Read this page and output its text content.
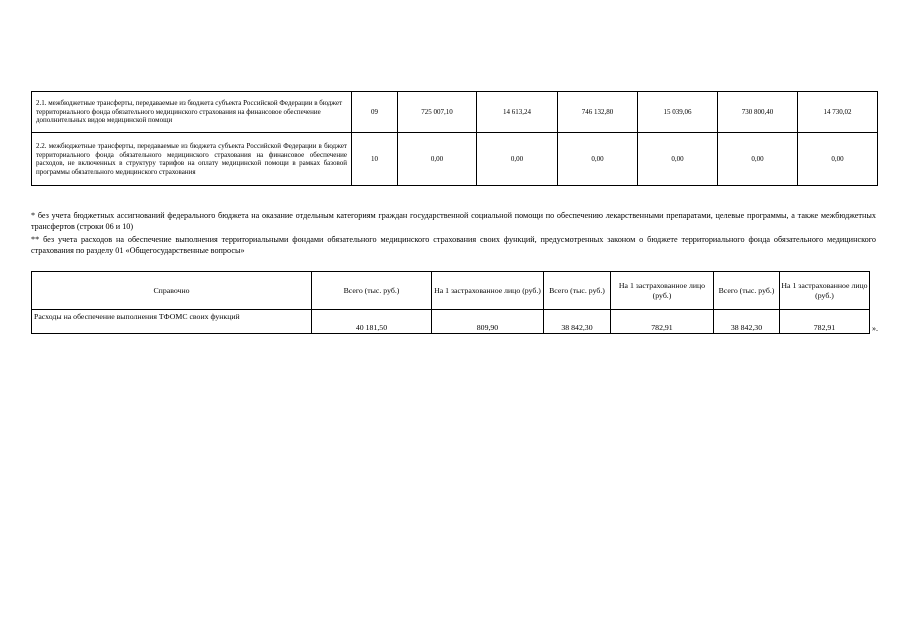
2.1. межбюджетные трансферты, передаваемые из бюджета субъекта Российской Федерации в бюджет территориального фонда обязательного медицинского страхования на финансовое обеспечение дополнительных видов медицинской помощи	09	725 007,10	14 613,24	746 132,80	15 039,06	730 800,40	14 730,02
2.2. межбюджетные трансферты, передаваемые из бюджета субъекта Российской Федерации в бюджет территориального фонда обязательного медицинского страхования на финансовое обеспечение расходов, не включенных в структуру тарифов на оплату медицинской помощи в рамках базовой программы обязательного медицинского страхования	10	0,00	0,00	0,00	0,00	0,00	0,00
* без учета бюджетных ассигнований федерального бюджета на оказание отдельным категориям граждан государственной социальной помощи по обеспечению лекарственными препаратами, целевые программы, а также межбюджетных трансфертов (строки 06 и 10)
** без учета расходов на обеспечение выполнения территориальными фондами обязательного медицинского страхования своих функций, предусмотренных законом о бюджете территориального фонда обязательного медицинского страхования по разделу 01 «Общегосударственные вопросы»
Справочно	Всего (тыс. руб.)	На 1 застрахованное лицо (руб.)	Всего (тыс. руб.)	На 1 застрахованное лицо (руб.)	Всего (тыс. руб.)	На 1 застрахованное лицо (руб.)
Расходы на обеспечение выполнения ТФОМС своих функций	40 181,50	809,90	38 842,30	782,91	38 842,30	782,91	».
